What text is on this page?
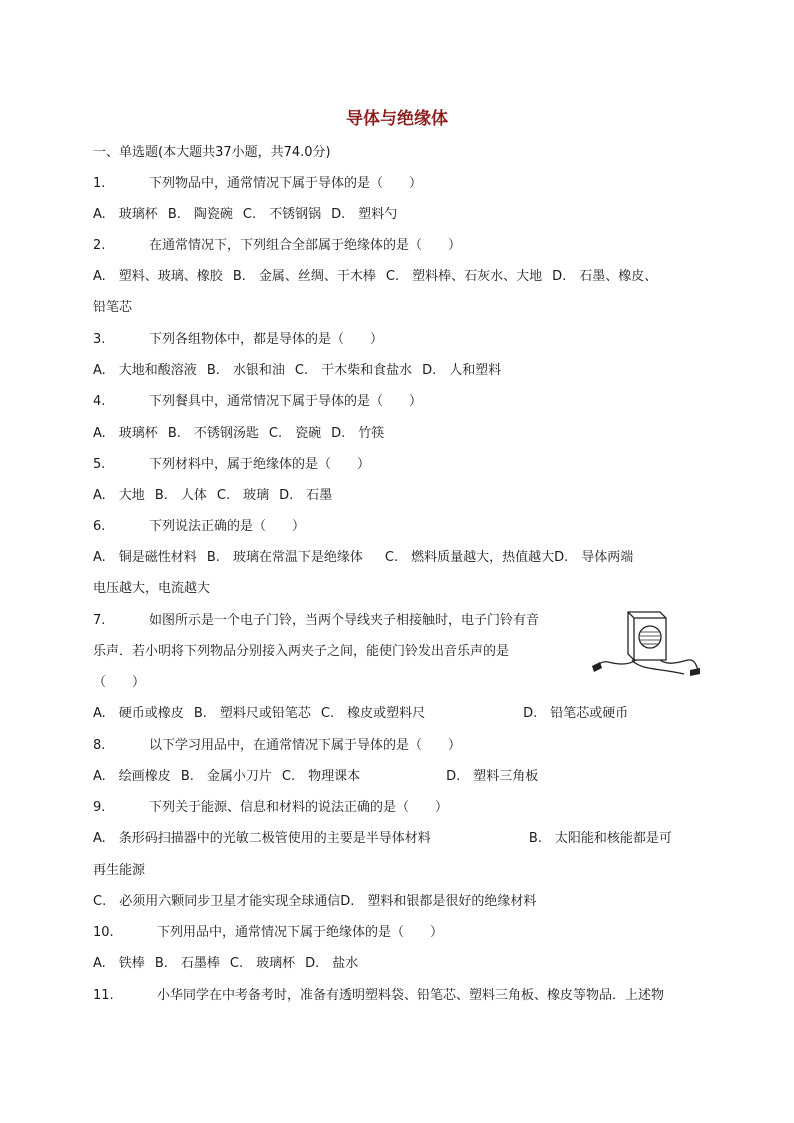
导体与绝缘体
一、单选题(本大题共37小题，共74.0分)
1.	下列物品中，通常情况下属于导体的是（　　）
A.　玻璃杯 B.　陶瓷碗 C.　不锈钢锅 D.　塑料勺
2.	在通常情况下，下列组合全部属于绝缘体的是（　　）
A.　塑料、玻璃、橡胶 B.　金属、丝绸、干木棒 C.　塑料棒、石灰水、大地 D.　石墨、橡皮、
铅笔芯
3.	下列各组物体中，都是导体的是（　　）
A.　大地和酸溶液 B.　水银和油 C.　干木柴和食盐水 D.　人和塑料
4.	下列餐具中，通常情况下属于导体的是（　　）
A.　玻璃杯 B.　不锈钢汤匙 C.　瓷碗 D.　竹筷
5.	下列材料中，属于绝缘体的是（　　）
A.　大地 B.　人体 C.　玻璃 D.　石墨
6.	下列说法正确的是（　　）
A.　铜是磁性材料 B.　玻璃在常温下是绝缘体 C.　燃料质量越大，热值越大D.　导体两端
电压越大，电流越大
7.	如图所示是一个电子门铃，当两个导线夹子相接触时，电子门铃有音
乐声．若小明将下列物品分别接入两夹子之间，能使门铃发出音乐声的是
（　　）
A.　硬币或橡皮 B.　塑料尺或铅笔芯 C.　橡皮或塑料尺	D.　铅笔芯或硬币
8.	以下学习用品中，在通常情况下属于导体的是（　　）
A.　绘画橡皮 B.　金属小刀片 C.　物理课本	D.　塑料三角板
9.	下列关于能源、信息和材料的说法正确的是（　　）
A.　条形码扫描器中的光敏二极管使用的主要是半导体材料	B.　太阳能和核能都是可
再生能源
C.　必须用六颗同步卫星才能实现全球通信D.　塑料和银都是很好的绝缘材料
10.	下列用品中，通常情况下属于绝缘体的是（　　）
A.　铁棒 B.　石墨棒 C.　玻璃杯 D.　盐水
11.	小华同学在中考备考时，准备有透明塑料袋、铅笔芯、塑料三角板、橡皮等物品．上述物
